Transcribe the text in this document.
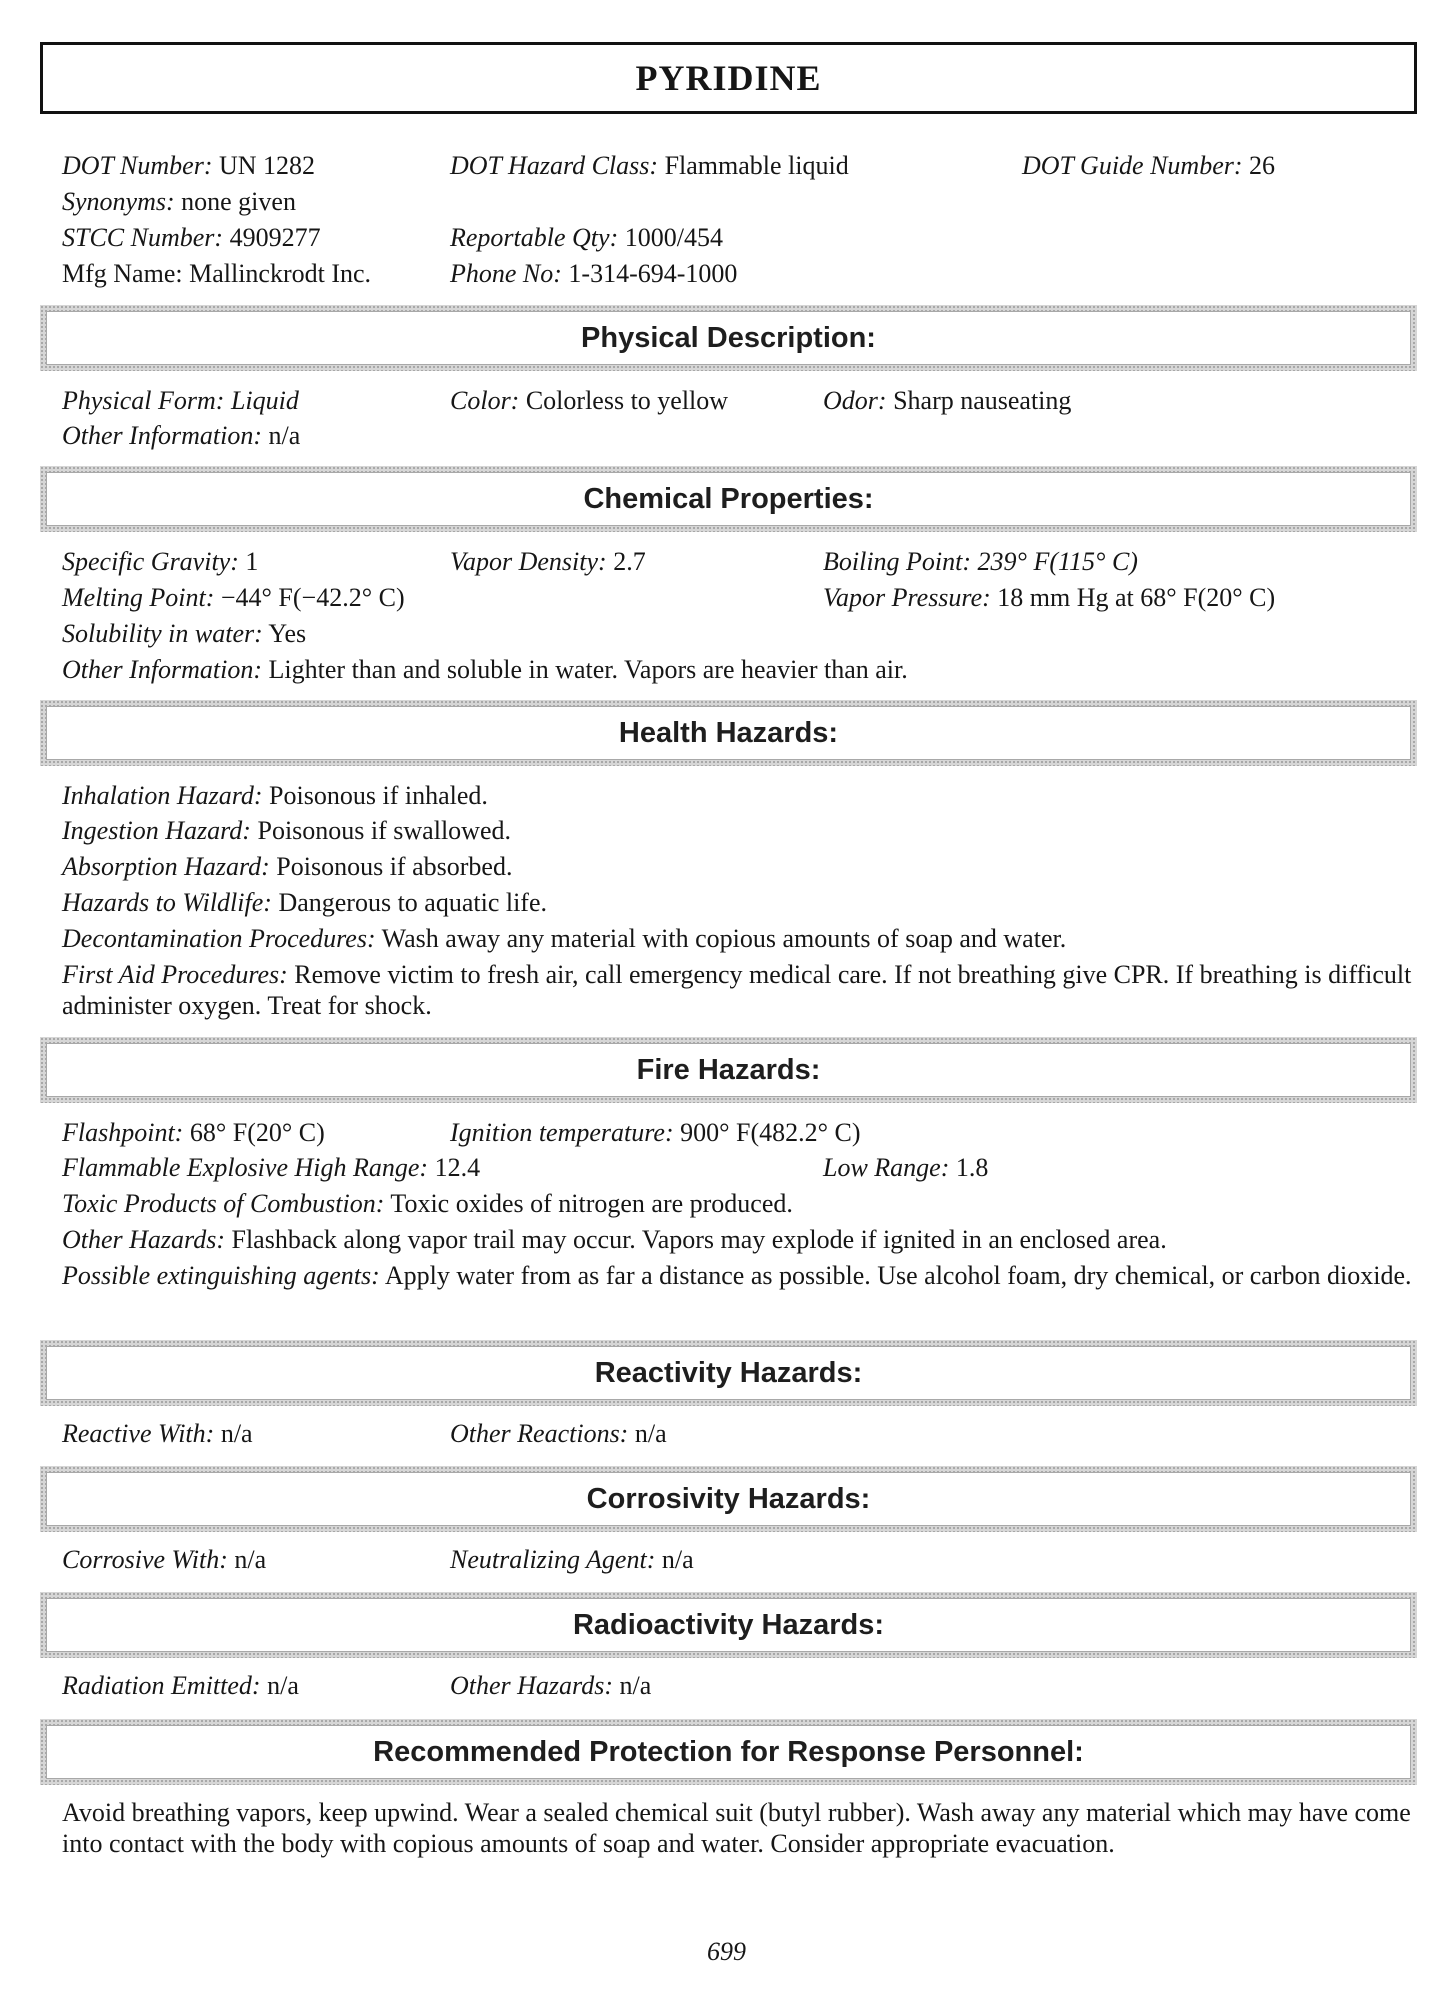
PYRIDINE
DOT Number: UN 1282	DOT Hazard Class: Flammable liquid	DOT Guide Number: 26
Synonyms: none given
STCC Number: 4909277	Reportable Qty: 1000/454
Mfg Name: Mallinckrodt Inc.	Phone No: 1-314-694-1000
Physical Description:
Physical Form: Liquid	Color: Colorless to yellow	Odor: Sharp nauseating
Other Information: n/a
Chemical Properties:
Specific Gravity: 1	Vapor Density: 2.7	Boiling Point: 239° F(115° C)
Melting Point: −44° F(−42.2° C)	Vapor Pressure: 18 mm Hg at 68° F(20° C)
Solubility in water: Yes
Other Information: Lighter than and soluble in water. Vapors are heavier than air.
Health Hazards:
Inhalation Hazard: Poisonous if inhaled.
Ingestion Hazard: Poisonous if swallowed.
Absorption Hazard: Poisonous if absorbed.
Hazards to Wildlife: Dangerous to aquatic life.
Decontamination Procedures: Wash away any material with copious amounts of soap and water.
First Aid Procedures: Remove victim to fresh air, call emergency medical care. If not breathing give CPR. If breathing is difficult administer oxygen. Treat for shock.
Fire Hazards:
Flashpoint: 68° F(20° C)	Ignition temperature: 900° F(482.2° C)
Flammable Explosive High Range: 12.4	Low Range: 1.8
Toxic Products of Combustion: Toxic oxides of nitrogen are produced.
Other Hazards: Flashback along vapor trail may occur. Vapors may explode if ignited in an enclosed area.
Possible extinguishing agents: Apply water from as far a distance as possible. Use alcohol foam, dry chemical, or carbon dioxide.
Reactivity Hazards:
Reactive With: n/a	Other Reactions: n/a
Corrosivity Hazards:
Corrosive With: n/a	Neutralizing Agent: n/a
Radioactivity Hazards:
Radiation Emitted: n/a	Other Hazards: n/a
Recommended Protection for Response Personnel:
Avoid breathing vapors, keep upwind. Wear a sealed chemical suit (butyl rubber). Wash away any material which may have come into contact with the body with copious amounts of soap and water. Consider appropriate evacuation.
699
